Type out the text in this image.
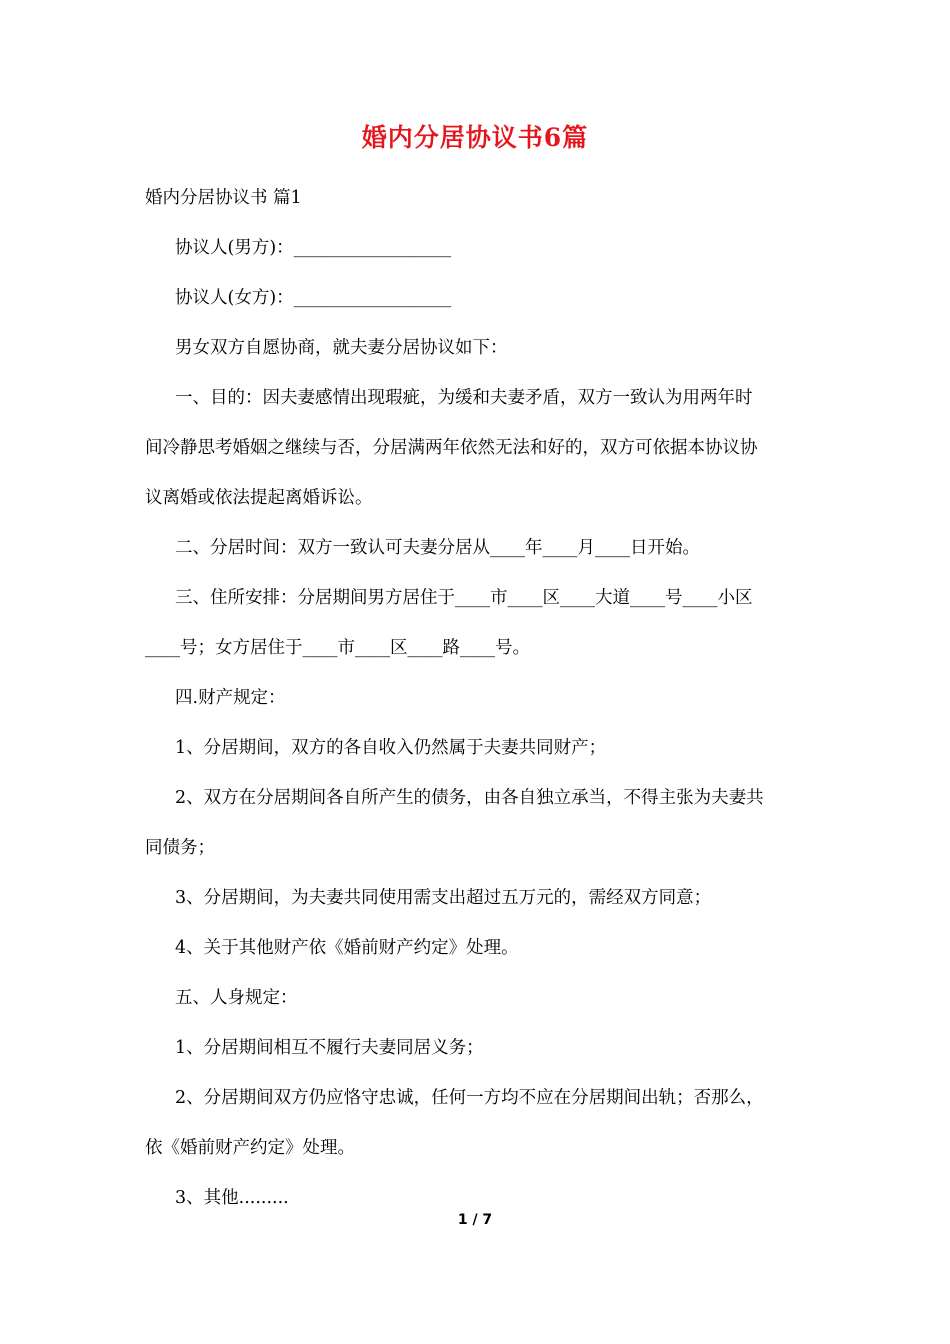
婚内分居协议书6篇
婚内分居协议书 篇1
协议人(男方)：__________________
协议人(女方)：__________________
男女双方自愿协商，就夫妻分居协议如下：
一、目的：因夫妻感情出现瑕疵，为缓和夫妻矛盾，双方一致认为用两年时
间冷静思考婚姻之继续与否，分居满两年依然无法和好的，双方可依据本协议协
议离婚或依法提起离婚诉讼。
二、分居时间：双方一致认可夫妻分居从____年____月____日开始。
三、住所安排：分居期间男方居住于____市____区____大道____号____小区
____号；女方居住于____市____区____路____号。
四.财产规定：
1、分居期间，双方的各自收入仍然属于夫妻共同财产；
2、双方在分居期间各自所产生的债务，由各自独立承当，不得主张为夫妻共
同债务；
3、分居期间，为夫妻共同使用需支出超过五万元的，需经双方同意；
4、关于其他财产依《婚前财产约定》处理。
五、人身规定：
1、分居期间相互不履行夫妻同居义务；
2、分居期间双方仍应恪守忠诚，任何一方均不应在分居期间出轨；否那么，
依《婚前财产约定》处理。
3、其他.........
1 / 7
